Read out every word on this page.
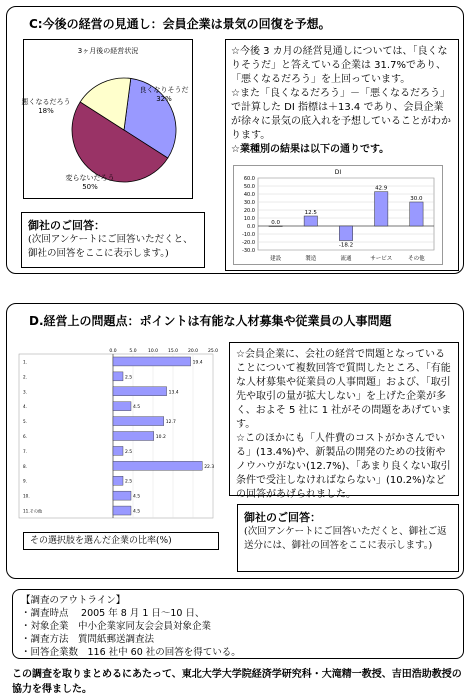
C:今後の経営の見通し：会員企業は景気の回復を予想。
3ヶ月後の経営状況
良くなりそうだ
32%
変らないだろう
50%
悪くなるだろう
18%
御社のご回答：
(次回アンケートにご回答いただくと、御社の回答をここに表示します。)
☆今後 3 カ月の経営見通しについては、「良くなりそうだ」と答えている企業は 31.7%であり、「悪くなるだろう」を上回っています。
☆また「良くなるだろう」－「悪くなるだろう」で計算した DI 指標は＋13.4 であり、会員企業が徐々に景気の底入れを予想していることがわかります。
☆業種別の結果は以下の通りです。
DI
-30.0
-20.0
-10.0
0.0
10.0
20.0
30.0
40.0
50.0
60.0
0.0
建設
12.5
製造
-18.2
流通
42.9
サービス
30.0
その他
D.経営上の問題点：ポイントは有能な人材募集や従業員の人事問題
0.0	5.0	10.0 15.0 20.0 25.0
19.4
1.
2.5
2.
13.4
3.
4.5
4.
12.7
5.
10.2
6.
2.5
7.
22.3
8.
2.5
9.
4.5
10.
4.5
11.その他
その選択肢を選んだ企業の比率(%)
☆会員企業に、会社の経営で問題となっていることについて複数回答で質問したところ、「有能な人材募集や従業員の人事問題」および、「取引先や取引の量が拡大しない」を上げた企業が多く、およそ 5 社に 1 社がその問題をあげています。
☆このほかにも「人件費のコストがかさんでいる」(13.4%)や、新製品の開発のための技術やノウハウがない(12.7%)、「あまり良くない取引条件で受注しなければならない」(10.2%)などの回答があげられました。
御社のご回答：
(次回アンケートにご回答いただくと、御社ご返送分には、御社の回答をここに表示します。)
【調査のアウトライン】
・調査時点　 2005 年 8 月 1 日～10 日、
・対象企業　中小企業家同友会会員対象企業
・調査方法　質問紙郵送調査法
・回答企業数　116 社中 60 社の回答を得ている。
この調査を取りまとめるにあたって、東北大学大学院経済学研究科・大滝精一教授、吉田浩助教授の協力を得ました。
